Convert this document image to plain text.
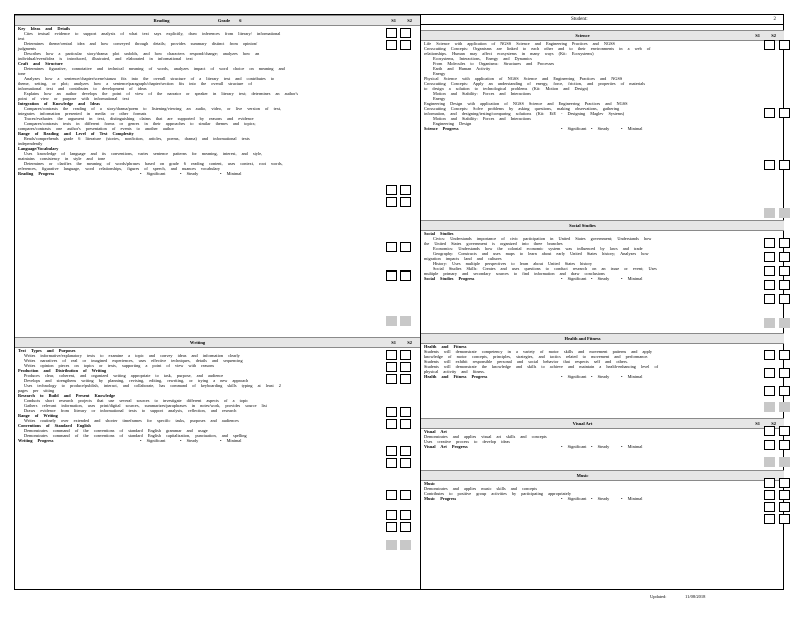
Reading	Grade 6	S1 S2
Key Ideas and Details
Cites textual evidence to support analysis of what text says explicitly, draw inferences from literary/ informational
text
Determines theme/central idea and how conveyed through details; provides summary distinct from opinion/
judgments
Describes how a particular story/drama plot unfolds, and how characters respond/change; analyzes how an
individual/event/idea is introduced, illustrated, and elaborated in informational text
Craft and Structure
Determines figurative, connotative and technical meaning of words, analyzes impact of word choice on meaning and
tone
Analyzes how a sentence/chapter/scene/stanza fits into the overall structure of a literary text and contributes to
theme, setting, or plot; analyzes how a sentence/paragraph/chapter/section fits into the overall structure of
informational text and contributes to development of ideas
Explains how an author develops the point of view of the narrator or speaker in literary text; determines an author's
point of view or purpose with informational text
Integration of Knowledge and Ideas
Compares/contrasts the reading of a story/drama/poem to listening/viewing an audio, video, or live version of text,
integrates information presented in media or other formats
Traces/evaluates the argument in text, distinguishing claims that are supported by reasons and evidence
Compares/contrasts texts in different forms or genres in their approaches to similar themes and topics;
compares/contrasts one author's presentation of events to another author
Range of Reading and Level of Text Complexity
Reads/comprehends grade 6 literature (stories, nonfiction, articles, poems, drama) and informational texts
independently
Language/Vocabulary
Uses knowledge of language and its conventions, varies sentence patterns for meaning, interest, and style,
maintains consistency in style and tone
Determines or clarifies the meaning of words/phrases based on grade 6 reading content, uses context, root words,
references, figurative language, word relationships, figures of speech, and nuances vocabulary
Reading Progress	• Significant	• Steady	• Minimal
Writing	S1 S2
Text Types and Purposes
Writes informative/explanatory texts to examine a topic and convey ideas and information clearly
Writes narratives of real or imagined experiences, uses effective techniques, details and sequencing
Writes opinion pieces on topics or texts, supporting a point of view with reasons
Production and Distribution of Writing
Produces clear, coherent, and organized writing appropriate to task, purpose, and audience
Develops and strengthens writing by planning, revising, editing, rewriting, or trying a new approach
Uses technology to produce/publish, interact, and collaborate, has command of keyboarding skills typing at least 2
pages per sitting
Research to Build and Present Knowledge
Conducts short research projects that use several sources to investigate different aspects of a topic
Gathers relevant information, uses print/digital sources, summarizes/paraphrases in notes/work, provides source list
Draws evidence from literary or informational texts to support analysis, reflection, and research
Range of Writing
Writes routinely over extended and shorter timeframes for specific tasks, purposes and audiences
Conventions of Standard English
Demonstrates command of the conventions of standard English grammar and usage
Demonstrates command of the conventions of standard English capitalization, punctuation, and spelling
Writing Progress	• Significant	• Steady	• Minimal
Student:	2
Science	S1 S2
Life Science with application of NGSS Science and Engineering Practices and NGSS
Crosscutting Concepts: Organisms are linked to each other and to their environments in a web of
relationships. Human may affect ecosystems in many ways (Kit: Ecosystems)
Ecosystems, Interactions, Energy and Dynamics
From Molecules to Organisms: Structures and Processes
Earth and Human Activity
Energy
Physical Science with application of NGSS Science and Engineering Practices and NGSS
Crosscutting Concepts: Apply an understanding of energy, force, friction, and properties of materials
to design a solution to technological problems (Kit: Motion and Design)
Motion and Stability: Forces and Interactions
Energy
Engineering Design with application of NGSS Science and Engineering Practices and NGSS
Crosscutting Concepts: Solve problems by asking questions, making observations, gathering
information, and designing/testing/comparing solutions (Kit: EiE - Designing Maglev Systems)
Motion and Stability: Forces and Interactions
Engineering Design
Science Progress	• Significant • Steady	• Minimal
Social Studies
Social Studies
Civics: Understands importance of civic participation in United States government; Understands how
the United States government is organized into three branches
Economics: Understands how the colonial economic system was influenced by laws and trade
Geography: Constructs and uses maps to learn about early United States history; Analyzes how
migration impacts land and cultures
History: Uses multiple perspectives to learn about United States history
Social Studies Skills: Creates and uses questions to conduct research on an issue or event; Uses
multiple primary and secondary sources to find information and draw conclusions
Social Studies Progress	• Significant • Steady	• Minimal
Health and Fitness
Health and Fitness
Students will demonstrate competency in a variety of motor skills and movement patterns and apply
knowledge of motor concepts, principles, strategies, and tactics related to movement and performance.
Students will exhibit responsible personal and social behavior that respects self and others.
Students will demonstrate the knowledge and skills to achieve and maintain a health-enhancing level of
physical activity and fitness.
Health and Fitness Progress	• Significant • Steady	• Minimal
Visual Art	S1 S2
Visual Art
Demonstrates and applies visual art skills and concepts
Uses creative process to develop ideas
Visual Art Progress	• Significant • Steady	• Minimal
Music
Music
Demonstrates and applies music skills and concepts
Contributes to positive group activities by participating appropriately
Music Progress	• Significant • Steady	• Minimal
Updated:	11/08/2018
